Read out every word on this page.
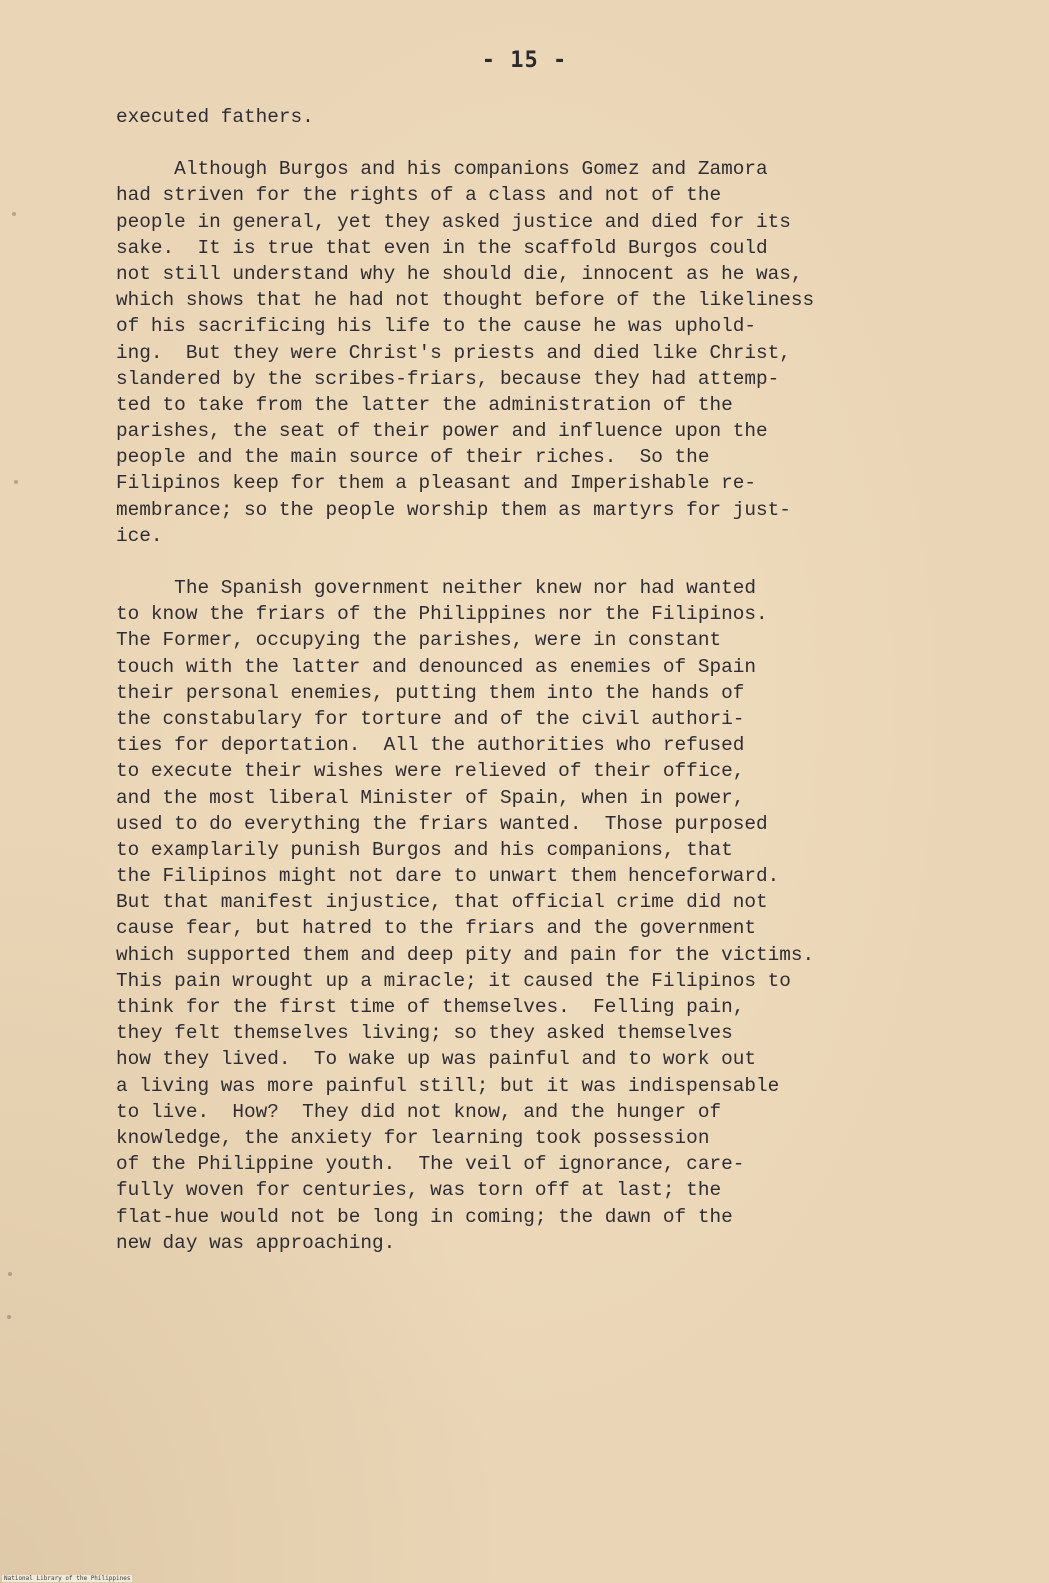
- 15 -
executed fathers.
Although Burgos and his companions Gomez and Zamora
had striven for the rights of a class and not of the
people in general, yet they asked justice and died for its
sake.  It is true that even in the scaffold Burgos could
not still understand why he should die, innocent as he was,
which shows that he had not thought before of the likeliness
of his sacrificing his life to the cause he was uphold-
ing.  But they were Christ's priests and died like Christ,
slandered by the scribes-friars, because they had attemp-
ted to take from the latter the administration of the
parishes, the seat of their power and influence upon the
people and the main source of their riches.  So the
Filipinos keep for them a pleasant and Imperishable re-
membrance; so the people worship them as martyrs for just-
ice.
The Spanish government neither knew nor had wanted
to know the friars of the Philippines nor the Filipinos.
The Former, occupying the parishes, were in constant
touch with the latter and denounced as enemies of Spain
their personal enemies, putting them into the hands of
the constabulary for torture and of the civil authori-
ties for deportation.  All the authorities who refused
to execute their wishes were relieved of their office,
and the most liberal Minister of Spain, when in power,
used to do everything the friars wanted.  Those purposed
to examplarily punish Burgos and his companions, that
the Filipinos might not dare to unwart them henceforward.
But that manifest injustice, that official crime did not
cause fear, but hatred to the friars and the government
which supported them and deep pity and pain for the victims.
This pain wrought up a miracle; it caused the Filipinos to
think for the first time of themselves.  Felling pain,
they felt themselves living; so they asked themselves
how they lived.  To wake up was painful and to work out
a living was more painful still; but it was indispensable
to live.  How?  They did not know, and the hunger of
knowledge, the anxiety for learning took possession
of the Philippine youth.  The veil of ignorance, care-
fully woven for centuries, was torn off at last; the
flat-hue would not be long in coming; the dawn of the
new day was approaching.
National Library of the Philippines
